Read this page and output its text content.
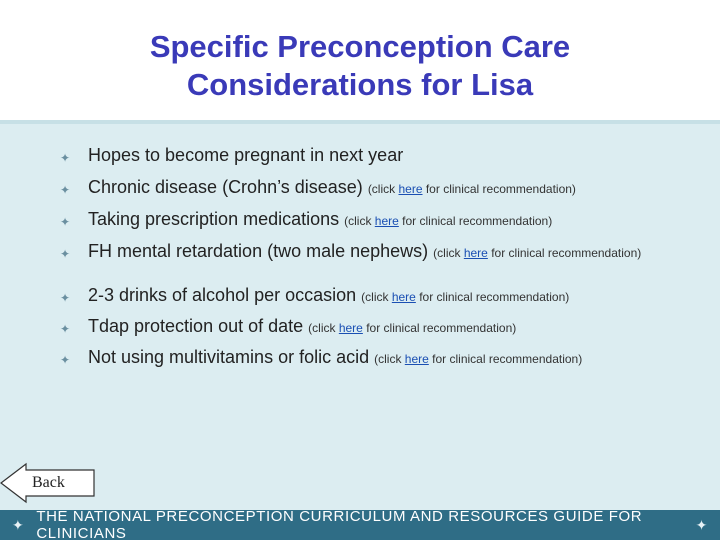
Specific Preconception Care
Considerations for Lisa
✦ Hopes to become pregnant in next year
✦ Chronic disease (Crohn’s disease) (click here for clinical recommendation)
✦ Taking prescription medications (click here for clinical recommendation)
✦ FH mental retardation (two male nephews) (click here for clinical recommendation)
✦ 2-3 drinks of alcohol per occasion (click here for clinical recommendation)
✦ Tdap protection out of date (click here for clinical recommendation)
✦ Not using multivitamins or folic acid (click here for clinical recommendation)
Back
✦ THE NATIONAL PRECONCEPTION CURRICULUM AND RESOURCES GUIDE FOR CLINICIANS
✦
